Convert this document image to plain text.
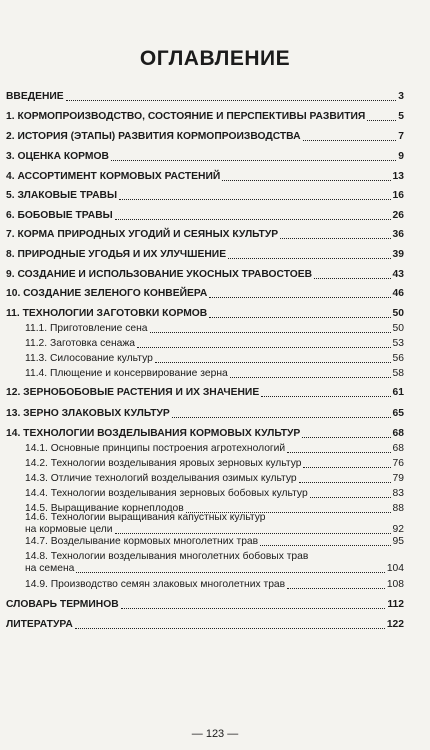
ОГЛАВЛЕНИЕ
ВВЕДЕНИЕ	3
1. КОРМОПРОИЗВОДСТВО, СОСТОЯНИЕ И ПЕРСПЕКТИВЫ РАЗВИТИЯ	5
2. ИСТОРИЯ (ЭТАПЫ) РАЗВИТИЯ КОРМОПРОИЗВОДСТВА	7
3. ОЦЕНКА КОРМОВ	9
4. АССОРТИМЕНТ КОРМОВЫХ РАСТЕНИЙ	13
5. ЗЛАКОВЫЕ ТРАВЫ	16
6. БОБОВЫЕ ТРАВЫ	26
7. КОРМА ПРИРОДНЫХ УГОДИЙ И СЕЯНЫХ КУЛЬТУР	36
8. ПРИРОДНЫЕ УГОДЬЯ И ИХ УЛУЧШЕНИЕ	39
9. СОЗДАНИЕ И ИСПОЛЬЗОВАНИЕ УКОСНЫХ ТРАВОСТОЕВ	43
10. СОЗДАНИЕ ЗЕЛЕНОГО КОНВЕЙЕРА	46
11. ТЕХНОЛОГИИ ЗАГОТОВКИ КОРМОВ	50
11.1. Приготовление сена	50
11.2. Заготовка сенажа	53
11.3. Силосование культур	56
11.4. Плющение и консервирование зерна	58
12. ЗЕРНОБОБОВЫЕ РАСТЕНИЯ И ИХ ЗНАЧЕНИЕ	61
13. ЗЕРНО ЗЛАКОВЫХ КУЛЬТУР	65
14. ТЕХНОЛОГИИ ВОЗДЕЛЫВАНИЯ КОРМОВЫХ КУЛЬТУР	68
14.1. Основные принципы построения агротехнологий	68
14.2. Технологии возделывания яровых зерновых культур	76
14.3. Отличие технологий возделывания озимых культур	79
14.4. Технологии возделывания зерновых бобовых культур	83
14.5. Выращивание корнеплодов	88
14.6. Технологии выращивания капустных культур
на кормовые цели	92
14.7. Возделывание кормовых многолетних трав	95
14.8. Технологии возделывания многолетних бобовых трав
на семена	104
14.9. Производство семян злаковых многолетних трав	108
СЛОВАРЬ ТЕРМИНОВ	112
ЛИТЕРАТУРА	122
— 123 —
